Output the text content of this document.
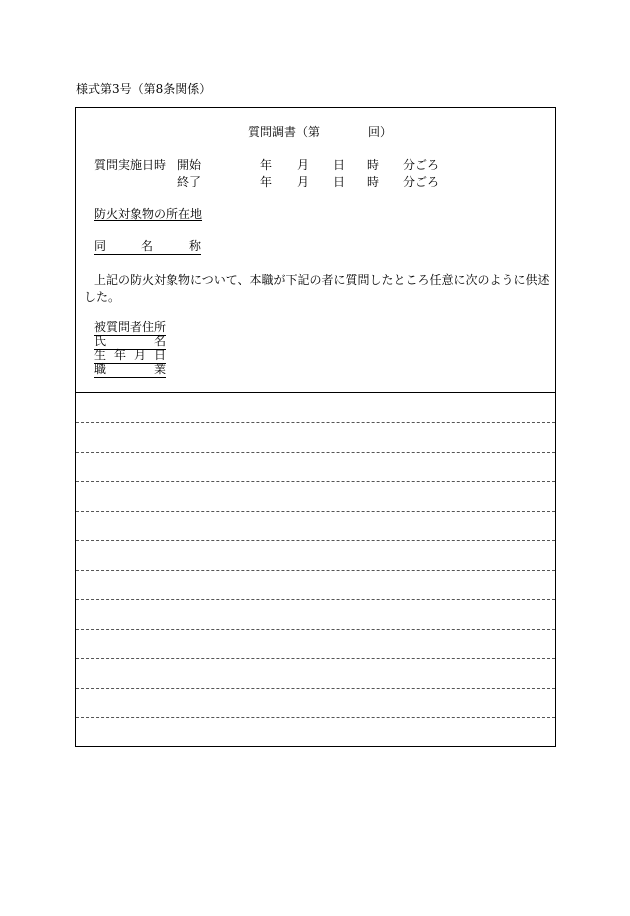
様式第3号（第8条関係）
質問調書（第	回）
質問実施日時 開始	年 月 日 時 分ごろ
終了	年 月 日 時 分ごろ
防火対象物の所在地
同	名	称
上記の防火対象物について、本職が下記の者に質問したところ任意に次のように供述
した。
被質問者住所
氏	名
生 年 月 日
職	業
